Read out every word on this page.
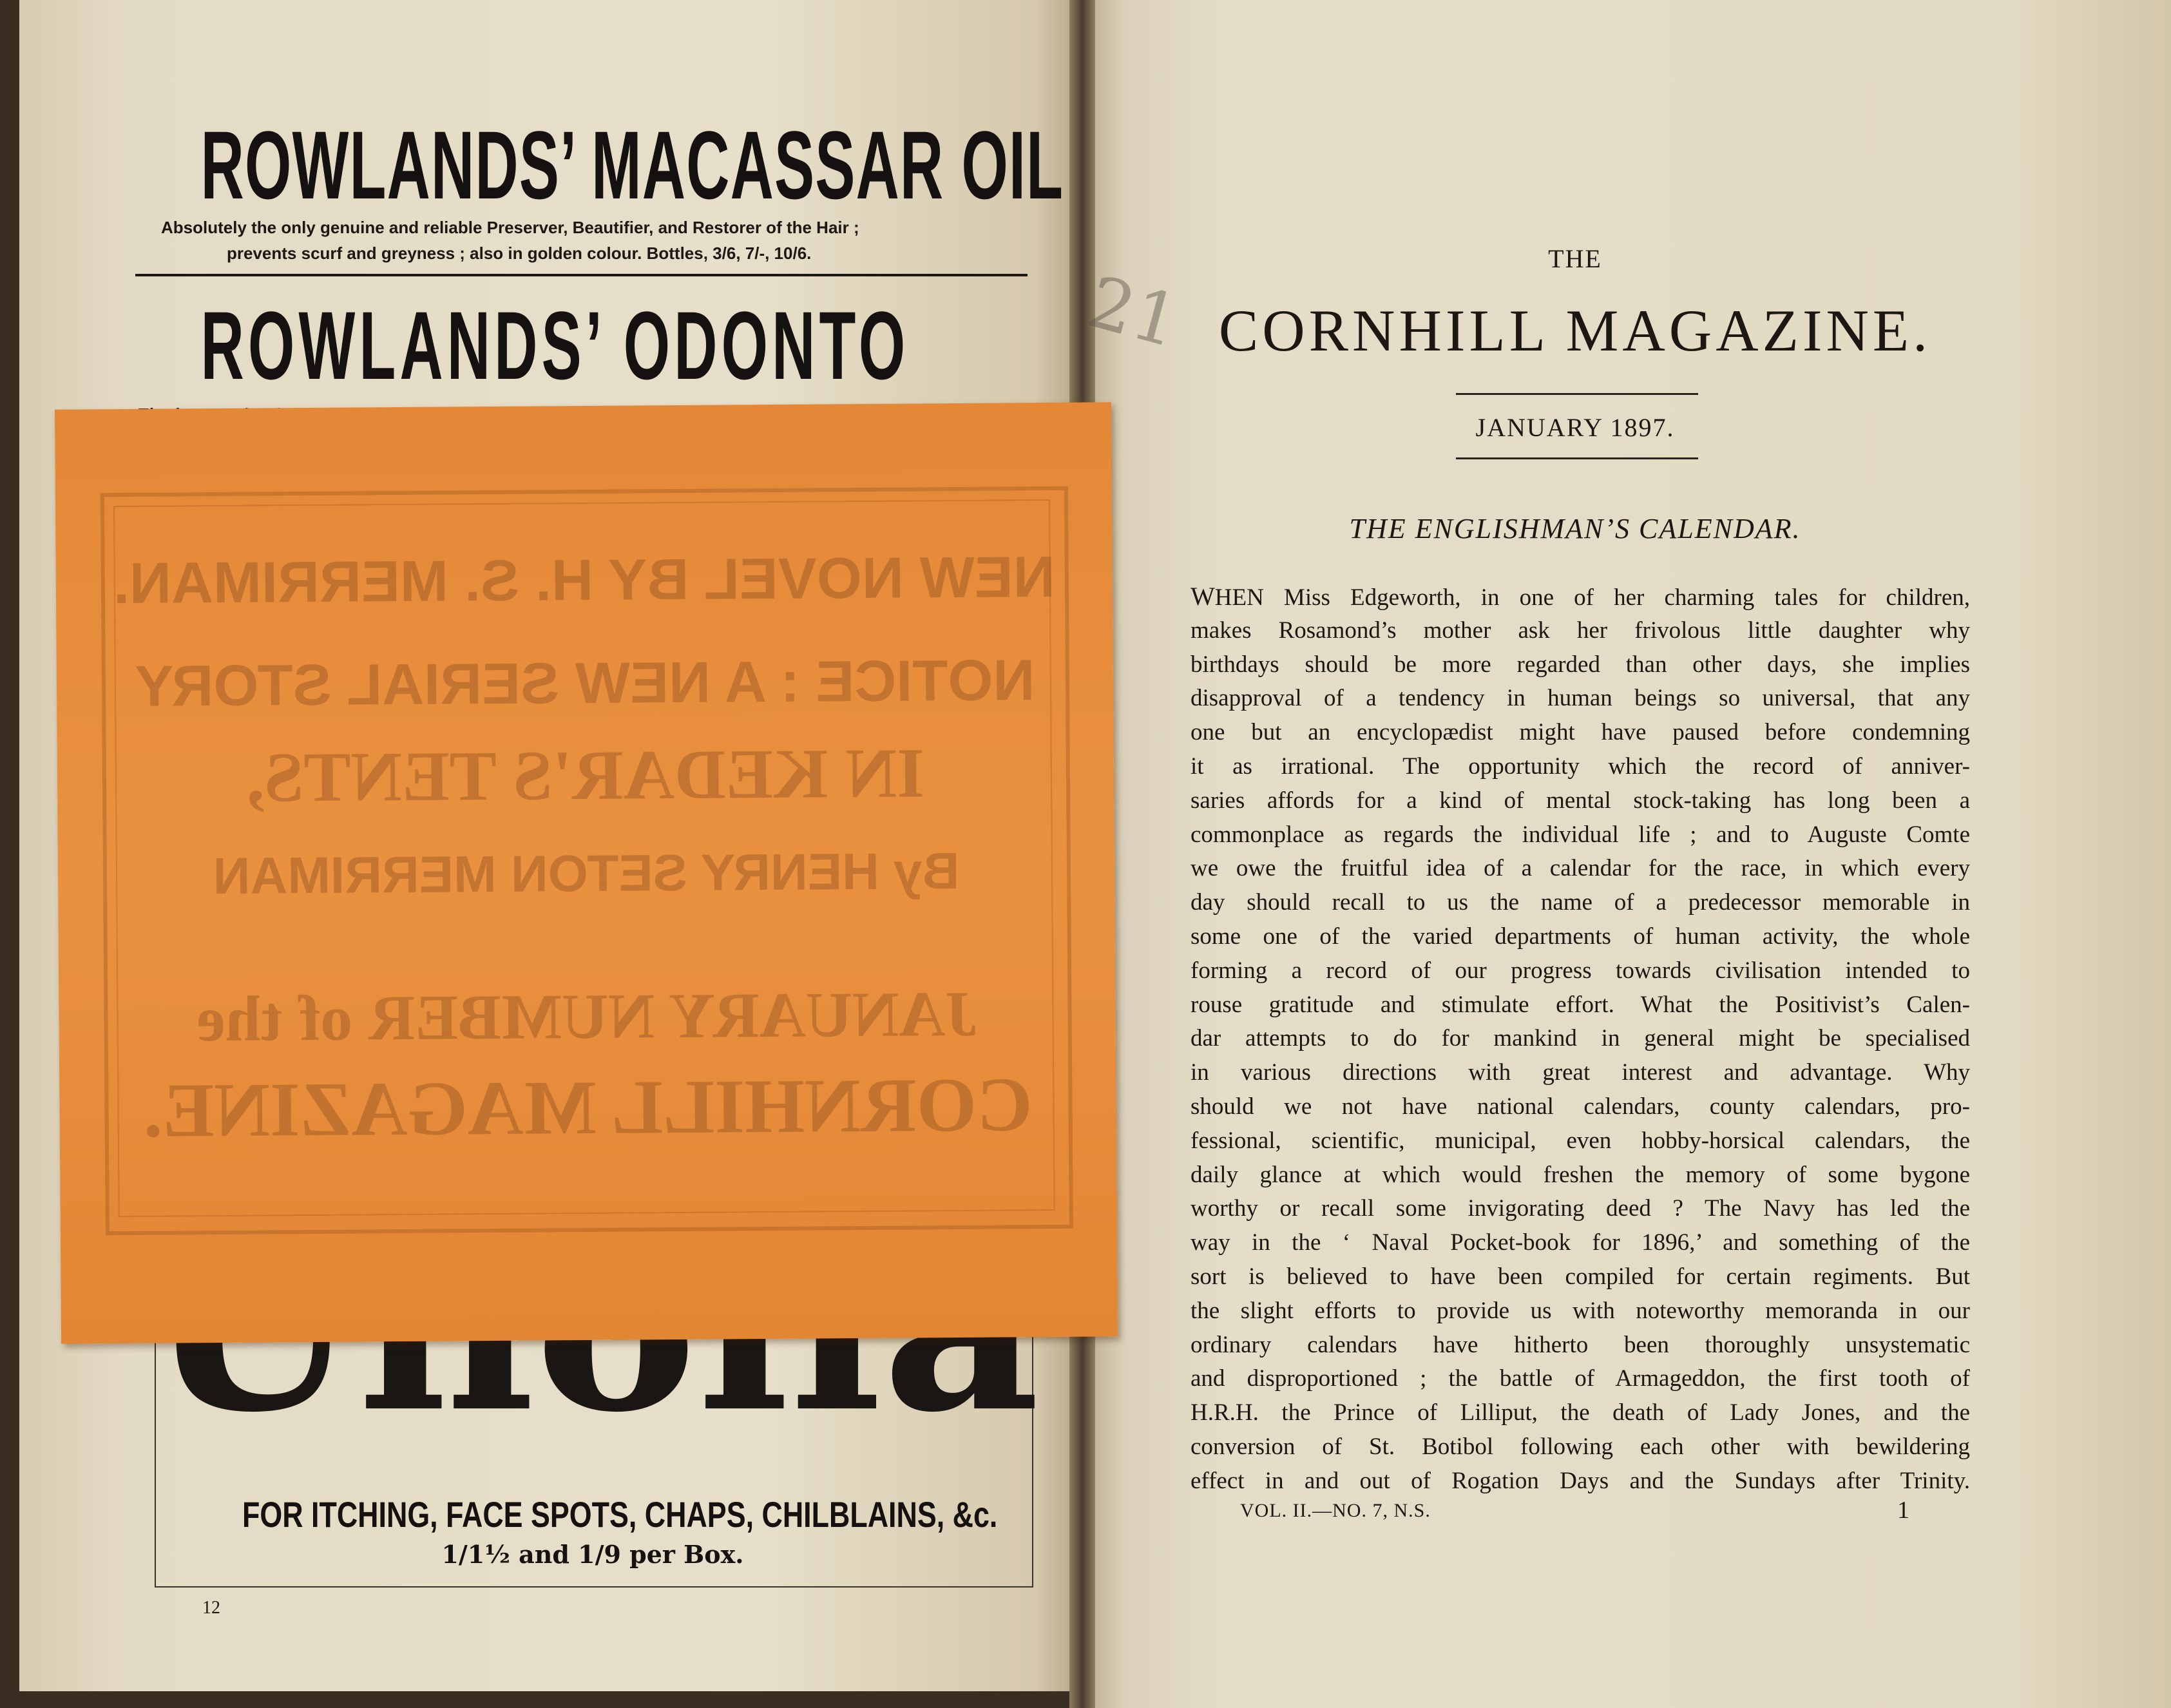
ROWLANDS’ MACASSAR OIL
Absolutely the only genuine and reliable Preserver, Beautifier, and Restorer of the Hair ;
prevents scurf and greyness ; also in golden colour. Bottles, 3/6, 7/-, 10/6.
ROWLANDS’ ODONTO
FOR ITCHING, FACE SPOTS, CHAPS, CHILBLAINS, &c.
1/1½ and 1/9 per Box.
12
NEW NOVEL BY H. S. MERRIMAN.
NOTICE : A NEW SERIAL STORY
IN KEDAR'S TENTS,
By HENRY SETON MERRIMAN
JANUARY NUMBER of the
CORNHILL MAGAZINE.
21
THE
CORNHILL MAGAZINE.
JANUARY 1897.
THE ENGLISHMAN’S CALENDAR.
WHEN Miss Edgeworth, in one of her charming tales for children,
makes Rosamond’s mother ask her frivolous little daughter why
birthdays should be more regarded than other days, she implies
disapproval of a tendency in human beings so universal, that any
one but an encyclopædist might have paused before condemning
it as irrational. The opportunity which the record of anniver-
saries affords for a kind of mental stock-taking has long been a
commonplace as regards the individual life ; and to Auguste Comte
we owe the fruitful idea of a calendar for the race, in which every
day should recall to us the name of a predecessor memorable in
some one of the varied departments of human activity, the whole
forming a record of our progress towards civilisation intended to
rouse gratitude and stimulate effort. What the Positivist’s Calen-
dar attempts to do for mankind in general might be specialised
in various directions with great interest and advantage. Why
should we not have national calendars, county calendars, pro-
fessional, scientific, municipal, even hobby-horsical calendars, the
daily glance at which would freshen the memory of some bygone
worthy or recall some invigorating deed ? The Navy has led the
way in the ‘ Naval Pocket-book for 1896,’ and something of the
sort is believed to have been compiled for certain regiments. But
the slight efforts to provide us with noteworthy memoranda in our
ordinary calendars have hitherto been thoroughly unsystematic
and disproportioned ; the battle of Armageddon, the first tooth of
H.R.H. the Prince of Lilliput, the death of Lady Jones, and the
conversion of St. Botibol following each other with bewildering
effect in and out of Rogation Days and the Sundays after Trinity.
VOL. II.—NO. 7, N.S.	1
